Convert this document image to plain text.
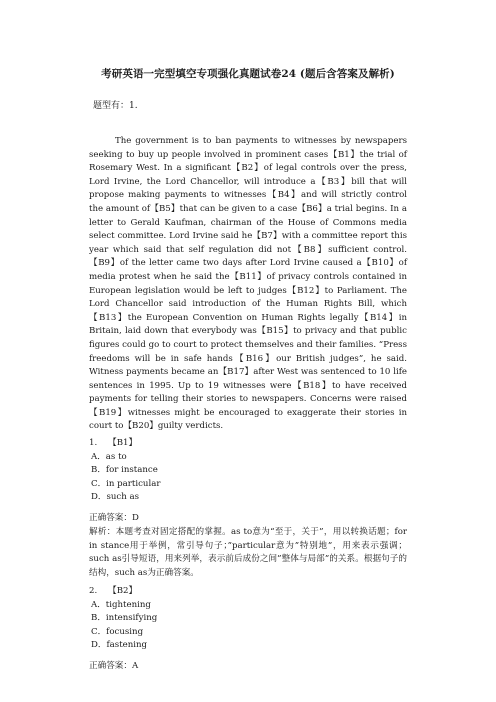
考研英语一完型填空专项强化真题试卷24 (题后含答案及解析)
题型有：1.
The government is to ban payments to witnesses by newspapers seeking to buy up people involved in prominent cases【B1】the trial of Rosemary West. In a significant【B2】of legal controls over the press, Lord Irvine, the Lord Chancellor, will introduce a【B3】bill that will propose making payments to witnesses【B4】and will strictly control the amount of【B5】that can be given to a case【B6】a trial begins. In a letter to Gerald Kaufman, chairman of the House of Commons media select committee. Lord Irvine said he【B7】with a committee report this year which said that self regulation did not【B8】sufficient control. 【B9】of the letter came two days after Lord Irvine caused a【B10】of media protest when he said the【B11】of privacy controls contained in European legislation would be left to judges【B12】to Parliament. The Lord Chancellor said introduction of the Human Rights Bill, which【B13】the European Convention on Human Rights legally【B14】in Britain, laid down that everybody was【B15】to privacy and that public figures could go to court to protect themselves and their families. “Press freedoms will be in safe hands【B16】our British judges”, he said. Witness payments became an【B17】after West was sentenced to 10 life sentences in 1995. Up to 19 witnesses were【B18】to have received payments for telling their stories to newspapers. Concerns were raised【B19】witnesses might be encouraged to exaggerate their stories in court to【B20】guilty verdicts.
1. 【B1】
A．as to
B．for instance
C．in particular
D．such as
正确答案：D
解析：本题考查对固定搭配的掌握。as to意为“至于，关于”，用以转换话题；for in stance用于举例，常引导句子；”particular意为”特别地”，用来表示强调；such as引导短语，用来列举，表示前后成份之间”整体与局部”的关系。根据句子的结构，such as为正确答案。
2. 【B2】
A．tightening
B．intensifying
C．focusing
D．fastening
正确答案：A
